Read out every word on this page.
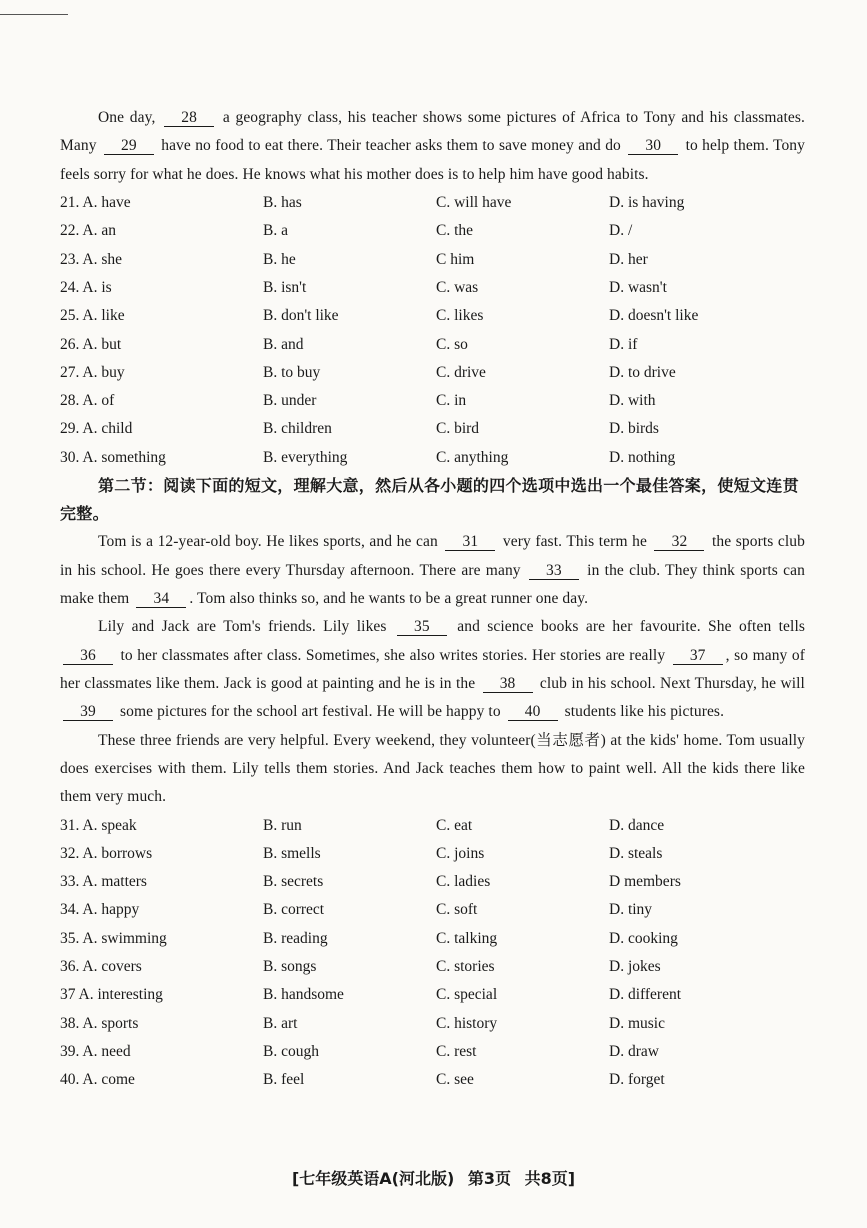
One day, 28 a geography class, his teacher shows some pictures of Africa to Tony and his classmates. Many 29 have no food to eat there. Their teacher asks them to save money and do 30 to help them. Tony feels sorry for what he does. He knows what his mother does is to help him have good habits.

21. A. have	B. has	C. will have	D. is having
22. A. an	B. a	C. the	D. /
23. A. she	B. he	C him	D. her
24. A. is	B. isn't	C. was	D. wasn't
25. A. like	B. don't like	C. likes	D. doesn't like
26. A. but	B. and	C. so	D. if
27. A. buy	B. to buy	C. drive	D. to drive
28. A. of	B. under	C. in	D. with
29. A. child	B. children	C. bird	D. birds
30. A. something	B. everything	C. anything	D. nothing

第二节：阅读下面的短文，理解大意，然后从各小题的四个选项中选出一个最佳答案，使短文连贯完整。

Tom is a 12-year-old boy. He likes sports, and he can 31 very fast. This term he 32 the sports club in his school. He goes there every Thursday afternoon. There are many 33 in the club. They think sports can make them 34 . Tom also thinks so, and he wants to be a great runner one day.

Lily and Jack are Tom's friends. Lily likes 35 and science books are her favourite. She often tells 36 to her classmates after class. Sometimes, she also writes stories. Her stories are really 37 , so many of her classmates like them. Jack is good at painting and he is in the 38 club in his school. Next Thursday, he will 39 some pictures for the school art festival. He will be happy to 40 students like his pictures.

These three friends are very helpful. Every weekend, they volunteer(当志愿者) at the kids' home. Tom usually does exercises with them. Lily tells them stories. And Jack teaches them how to paint well. All the kids there like them very much.

31. A. speak	B. run	C. eat	D. dance
32. A. borrows	B. smells	C. joins	D. steals
33. A. matters	B. secrets	C. ladies	D members
34. A. happy	B. correct	C. soft	D. tiny
35. A. swimming	B. reading	C. talking	D. cooking
36. A. covers	B. songs	C. stories	D. jokes
37 A. interesting	B. handsome	C. special	D. different
38. A. sports	B. art	C. history	D. music
39. A. need	B. cough	C. rest	D. draw
40. A. come	B. feel	C. see	D. forget
[七年级英语A(河北版) 第3页 共8页]
